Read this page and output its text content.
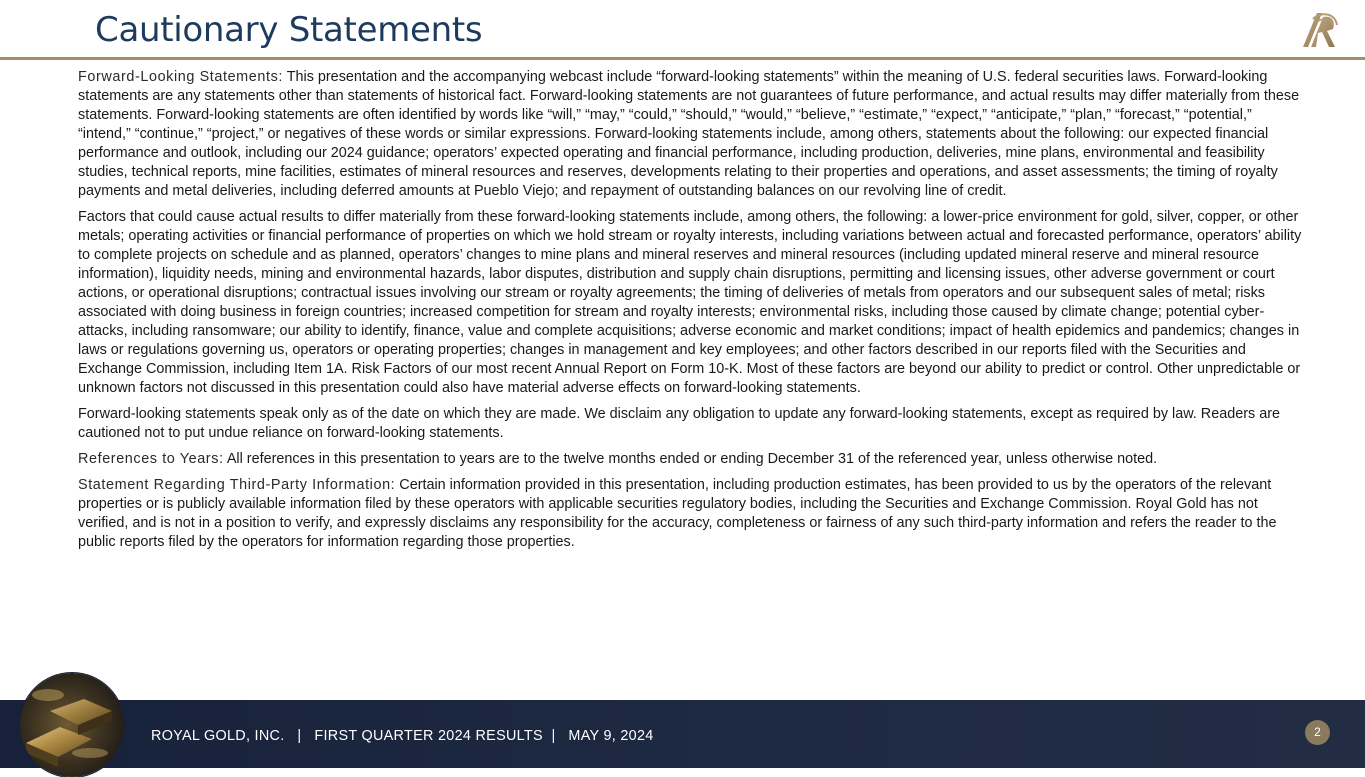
Cautionary Statements

Forward-Looking Statements: This presentation and the accompanying webcast include “forward-looking statements” within the meaning of U.S. federal securities laws. Forward-looking statements are any statements other than statements of historical fact. Forward-looking statements are not guarantees of future performance, and actual results may differ materially from these statements. Forward-looking statements are often identified by words like “will,” “may,” “could,” “should,” “would,” “believe,” “estimate,” “expect,” “anticipate,” “plan,” “forecast,” “potential,” “intend,” “continue,” “project,” or negatives of these words or similar expressions. Forward-looking statements include, among others, statements about the following: our expected financial performance and outlook, including our 2024 guidance; operators’ expected operating and financial performance, including production, deliveries, mine plans, environmental and feasibility studies, technical reports, mine facilities, estimates of mineral resources and reserves, developments relating to their properties and operations, and asset assessments; the timing of royalty payments and metal deliveries, including deferred amounts at Pueblo Viejo; and repayment of outstanding balances on our revolving line of credit.

Factors that could cause actual results to differ materially from these forward-looking statements include, among others, the following: a lower-price environment for gold, silver, copper, or other metals; operating activities or financial performance of properties on which we hold stream or royalty interests, including variations between actual and forecasted performance, operators’ ability to complete projects on schedule and as planned, operators’ changes to mine plans and mineral reserves and mineral resources (including updated mineral reserve and mineral resource information), liquidity needs, mining and environmental hazards, labor disputes, distribution and supply chain disruptions, permitting and licensing issues, other adverse government or court actions, or operational disruptions; contractual issues involving our stream or royalty agreements; the timing of deliveries of metals from operators and our subsequent sales of metal; risks associated with doing business in foreign countries; increased competition for stream and royalty interests; environmental risks, including those caused by climate change; potential cyber-attacks, including ransomware; our ability to identify, finance, value and complete acquisitions; adverse economic and market conditions; impact of health epidemics and pandemics; changes in laws or regulations governing us, operators or operating properties; changes in management and key employees; and other factors described in our reports filed with the Securities and Exchange Commission, including Item 1A. Risk Factors of our most recent Annual Report on Form 10-K. Most of these factors are beyond our ability to predict or control. Other unpredictable or unknown factors not discussed in this presentation could also have material adverse effects on forward-looking statements.

Forward-looking statements speak only as of the date on which they are made. We disclaim any obligation to update any forward-looking statements, except as required by law. Readers are cautioned not to put undue reliance on forward-looking statements.

References to Years: All references in this presentation to years are to the twelve months ended or ending December 31 of the referenced year, unless otherwise noted.

Statement Regarding Third-Party Information: Certain information provided in this presentation, including production estimates, has been provided to us by the operators of the relevant properties or is publicly available information filed by these operators with applicable securities regulatory bodies, including the Securities and Exchange Commission. Royal Gold has not verified, and is not in a position to verify, and expressly disclaims any responsibility for the accuracy, completeness or fairness of any such third-party information and refers the reader to the public reports filed by the operators for information regarding those properties.

ROYAL GOLD, INC.   |   FIRST QUARTER 2024 RESULTS  |   MAY 9, 2024	2
